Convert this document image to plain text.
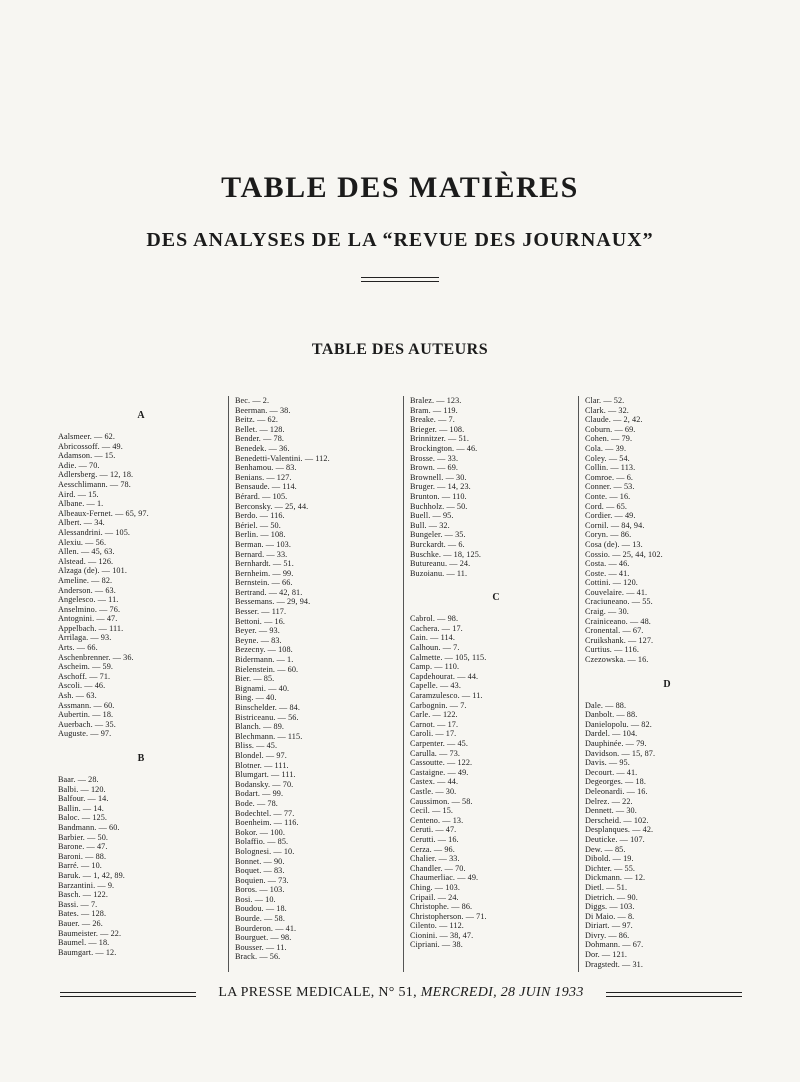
TABLE DES MATIÈRES
DES ANALYSES DE LA “REVUE DES JOURNAUX”
TABLE DES AUTEURS
A
Aalsmeer. — 62.
Abricossoff. — 49.
Adamson. — 15.
Adie. — 70.
Adlersberg. — 12, 18.
Aesschlimann. — 78.
Aird. — 15.
Albane. — 1.
Albeaux-Fernet. — 65, 97.
Albert. — 34.
Alessandrini. — 105.
Alexiu. — 56.
Allen. — 45, 63.
Alstead. — 126.
Alzaga (de). — 101.
Ameline. — 82.
Anderson. — 63.
Angelesco. — 11.
Anselmino. — 76.
Antognini. — 47.
Appelbach. — 111.
Arrilaga. — 93.
Arts. — 66.
Aschenbrenner. — 36.
Ascheim. — 59.
Aschoff. — 71.
Ascoli. — 46.
Ash. — 63.
Assmann. — 60.
Aubertin. — 18.
Auerbach. — 35.
Auguste. — 97.
B
Baar. — 28.
Balbi. — 120.
Balfour. — 14.
Ballin. — 14.
Baloc. — 125.
Bandmann. — 60.
Barbier. — 50.
Barone. — 47.
Baroni. — 88.
Barré. — 10.
Baruk. — 1, 42, 89.
Barzantini. — 9.
Basch. — 122.
Bassi. — 7.
Bates. — 128.
Bauer. — 26.
Baumeister. — 22.
Baumel. — 18.
Baumgart. — 12.
Bec. — 2.
Beerman. — 38.
Beitz. — 62.
Bellet. — 128.
Bender. — 78.
Benedek. — 36.
Benedetti-Valentini. — 112.
Benhamou. — 83.
Benians. — 127.
Bensaude. — 114.
Bérard. — 105.
Berconsky. — 25, 44.
Berdo. — 116.
Bériel. — 50.
Berlin. — 108.
Berman. — 103.
Bernard. — 33.
Bernhardt. — 51.
Bernheim. — 99.
Bernstein. — 66.
Bertrand. — 42, 81.
Bessemans. — 29, 94.
Besser. — 117.
Bettoni. — 16.
Beyer. — 93.
Beyne. — 83.
Bezecny. — 108.
Bidermann. — 1.
Bielenstein. — 60.
Bier. — 85.
Bignami. — 40.
Bing. — 40.
Binschelder. — 84.
Bistriceanu. — 56.
Blanch. — 89.
Blechmann. — 115.
Bliss. — 45.
Blondel. — 97.
Blotner. — 111.
Blumgart. — 111.
Bodansky. — 70.
Bodart. — 99.
Bode. — 78.
Bodechtel. — 77.
Boenheim. — 116.
Bokor. — 100.
Bolaffio. — 85.
Bolognesi. — 10.
Bonnet. — 90.
Boquet. — 83.
Boquien. — 73.
Boros. — 103.
Bosi. — 10.
Boudou. — 18.
Bourde. — 58.
Bourderon. — 41.
Bourguet. — 98.
Bousser. — 11.
Brack. — 56.
Bralez. — 123.
Bram. — 119.
Breake. — 7.
Brieger. — 108.
Brinnitzer. — 51.
Brockington. — 46.
Brosse. — 33.
Brown. — 69.
Brownell. — 30.
Bruger. — 14, 23.
Brunton. — 110.
Buchholz. — 50.
Buell. — 95.
Bull. — 32.
Bungeler. — 35.
Burckardt. — 6.
Buschke. — 18, 125.
Butureanu. — 24.
Buzoianu. — 11.
C
Cabrol. — 98.
Cachera. — 17.
Cain. — 114.
Calhoun. — 7.
Calmette. — 105, 115.
Camp. — 110.
Capdehourat. — 44.
Capelle. — 43.
Caramzulesco. — 11.
Carbognin. — 7.
Carle. — 122.
Carnot. — 17.
Caroli. — 17.
Carpenter. — 45.
Carulla. — 73.
Cassoutte. — 122.
Castaigne. — 49.
Castex. — 44.
Castle. — 30.
Caussimon. — 58.
Cecil. — 15.
Centeno. — 13.
Ceruti. — 47.
Cerutti. — 16.
Cerza. — 96.
Chalier. — 33.
Chandler. — 70.
Chaumerliac. — 49.
Ching. — 103.
Cripail. — 24.
Christophe. — 86.
Christopherson. — 71.
Cilento. — 112.
Cionini. — 38, 47.
Cipriani. — 38.
Clar. — 52.
Clark. — 32.
Claude. — 2, 42.
Coburn. — 69.
Cohen. — 79.
Cola. — 39.
Coley. — 54.
Collin. — 113.
Comroe. — 6.
Conner. — 53.
Conte. — 16.
Cord. — 65.
Cordier. — 49.
Cornil. — 84, 94.
Coryn. — 86.
Cosa (de). — 13.
Cossio. — 25, 44, 102.
Costa. — 46.
Coste. — 41.
Cottini. — 120.
Couvelaire. — 41.
Craciuneano. — 55.
Craig. — 30.
Crainiceano. — 48.
Cronental. — 67.
Cruikshank. — 127.
Curtius. — 116.
Czezowska. — 16.
D
Dale. — 88.
Danbolt. — 88.
Danielopolu. — 82.
Dardel. — 104.
Dauphinée. — 79.
Davidson. — 15, 87.
Davis. — 95.
Decourt. — 41.
Degeorges. — 18.
Deleonardi. — 16.
Delrez. — 22.
Dennett. — 30.
Derscheid. — 102.
Desplanques. — 42.
Deuticke. — 107.
Dew. — 85.
Dibold. — 19.
Dichter. — 55.
Dickmann. — 12.
Dietl. — 51.
Dietrich. — 90.
Diggs. — 103.
Di Maio. — 8.
Diriart. — 97.
Divry. — 86.
Dohmann. — 67.
Dor. — 121.
Dragstedt. — 31.
LA PRESSE MEDICALE, N° 51, MERCREDI, 28 JUIN 1933
